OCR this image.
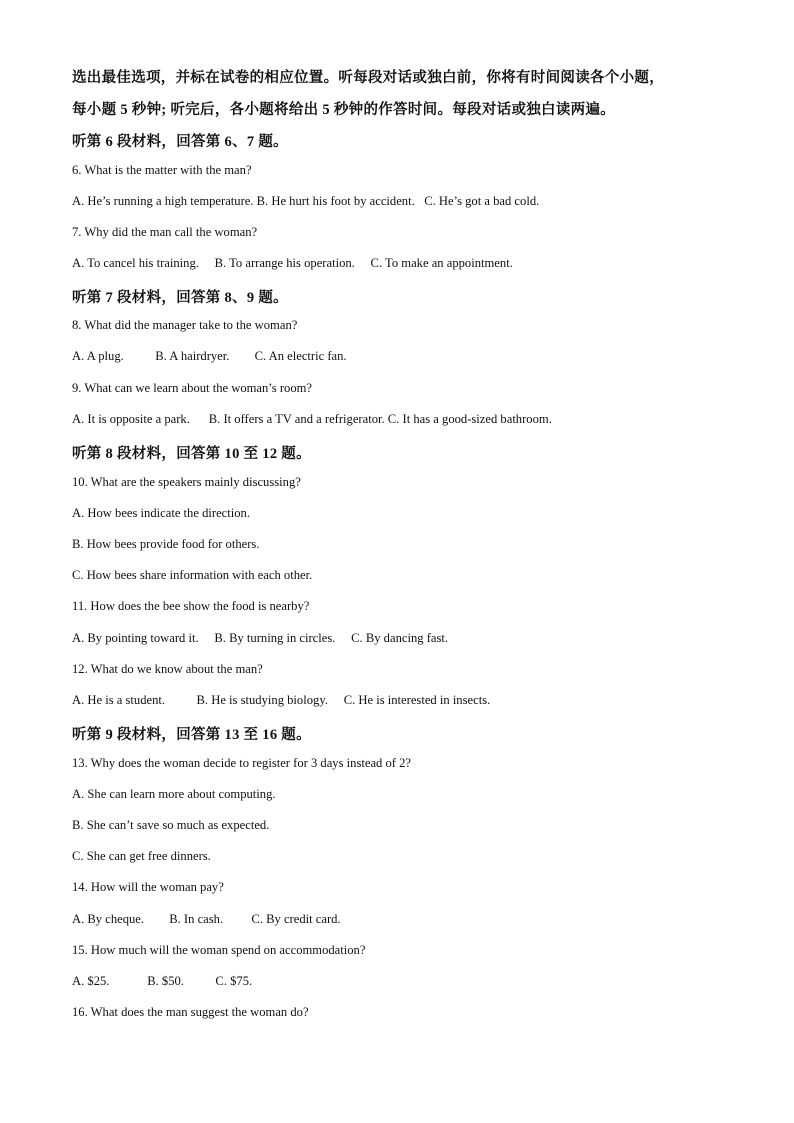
选出最佳选项，并标在试卷的相应位置。听每段对话或独白前，你将有时间阅读各个小题，
每小题 5 秒钟; 听完后，各小题将给出 5 秒钟的作答时间。每段对话或独白读两遍。
听第 6 段材料，回答第 6、7 题。
6. What is the matter with the man?
A. He’s running a high temperature. B. He hurt his foot by accident.   C. He’s got a bad cold.
7. Why did the man call the woman?
A. To cancel his training.     B. To arrange his operation.     C. To make an appointment.
听第 7 段材料，回答第 8、9 题。
8. What did the manager take to the woman?
A. A plug.          B. A hairdryer.        C. An electric fan.
9. What can we learn about the woman’s room?
A. It is opposite a park.      B. It offers a TV and a refrigerator. C. It has a good-sized bathroom.
听第 8 段材料，回答第 10 至 12 题。
10. What are the speakers mainly discussing?
A. How bees indicate the direction.
B. How bees provide food for others.
C. How bees share information with each other.
11. How does the bee show the food is nearby?
A. By pointing toward it.     B. By turning in circles.     C. By dancing fast.
12. What do we know about the man?
A. He is a student.          B. He is studying biology.     C. He is interested in insects.
听第 9 段材料，回答第 13 至 16 题。
13. Why does the woman decide to register for 3 days instead of 2?
A. She can learn more about computing.
B. She can’t save so much as expected.
C. She can get free dinners.
14. How will the woman pay?
A. By cheque.        B. In cash.         C. By credit card.
15. How much will the woman spend on accommodation?
A. $25.            B. $50.          C. $75.
16. What does the man suggest the woman do?
